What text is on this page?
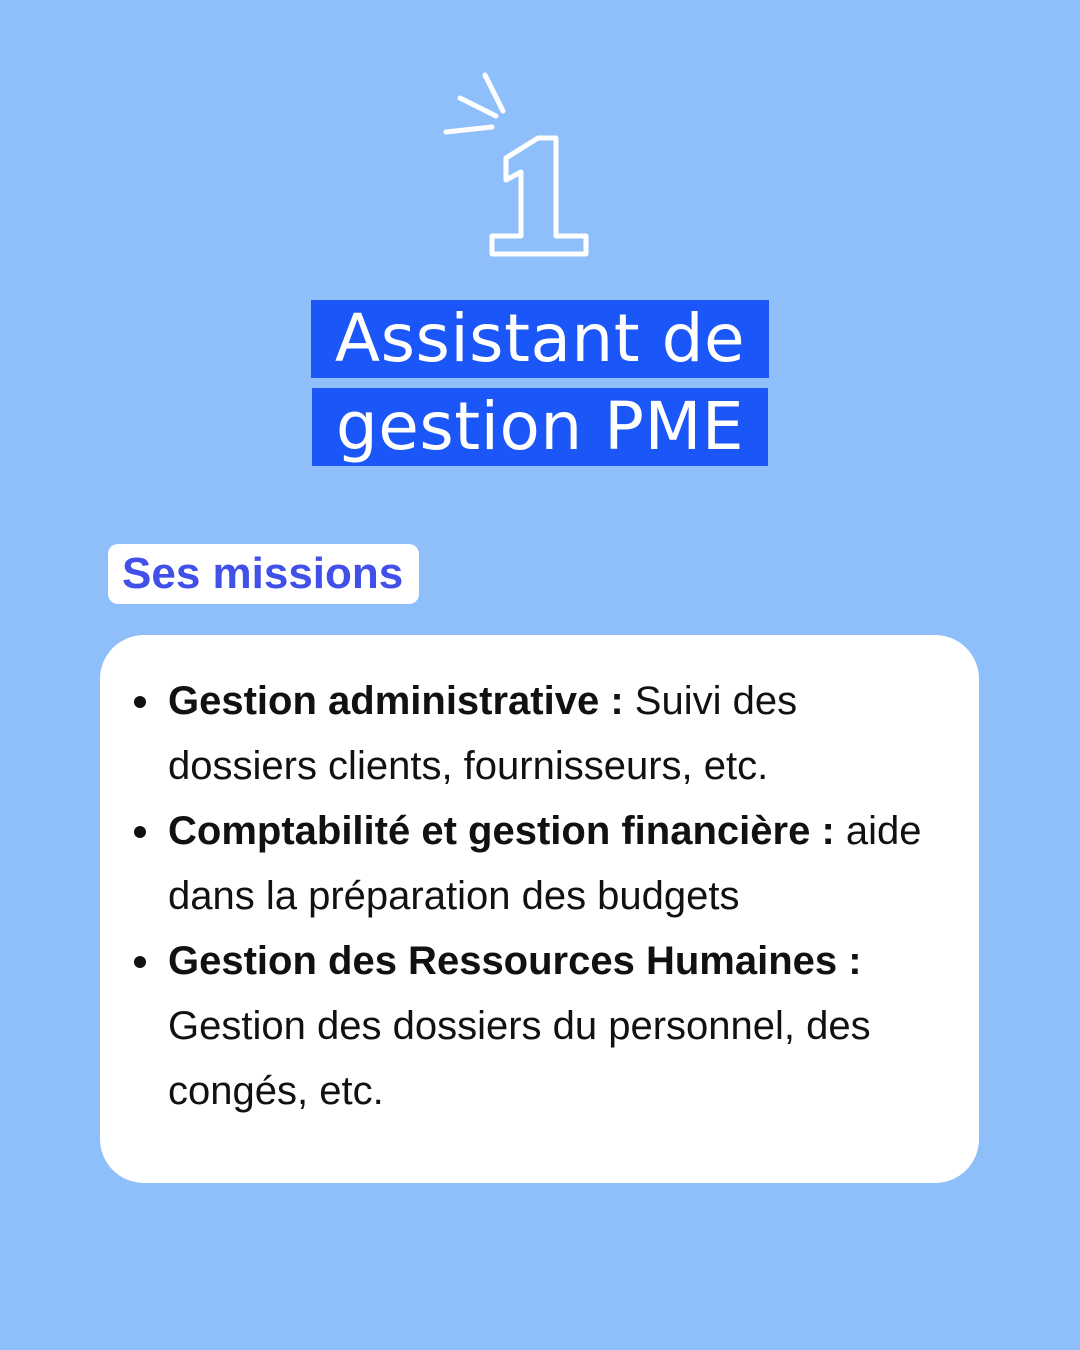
1
Assistant de
gestion PME
Ses missions
Gestion administrative : Suivi des dossiers clients, fournisseurs, etc.
Comptabilité et gestion financière : aide dans la préparation des budgets
Gestion des Ressources Humaines : Gestion des dossiers du personnel, des congés, etc.
